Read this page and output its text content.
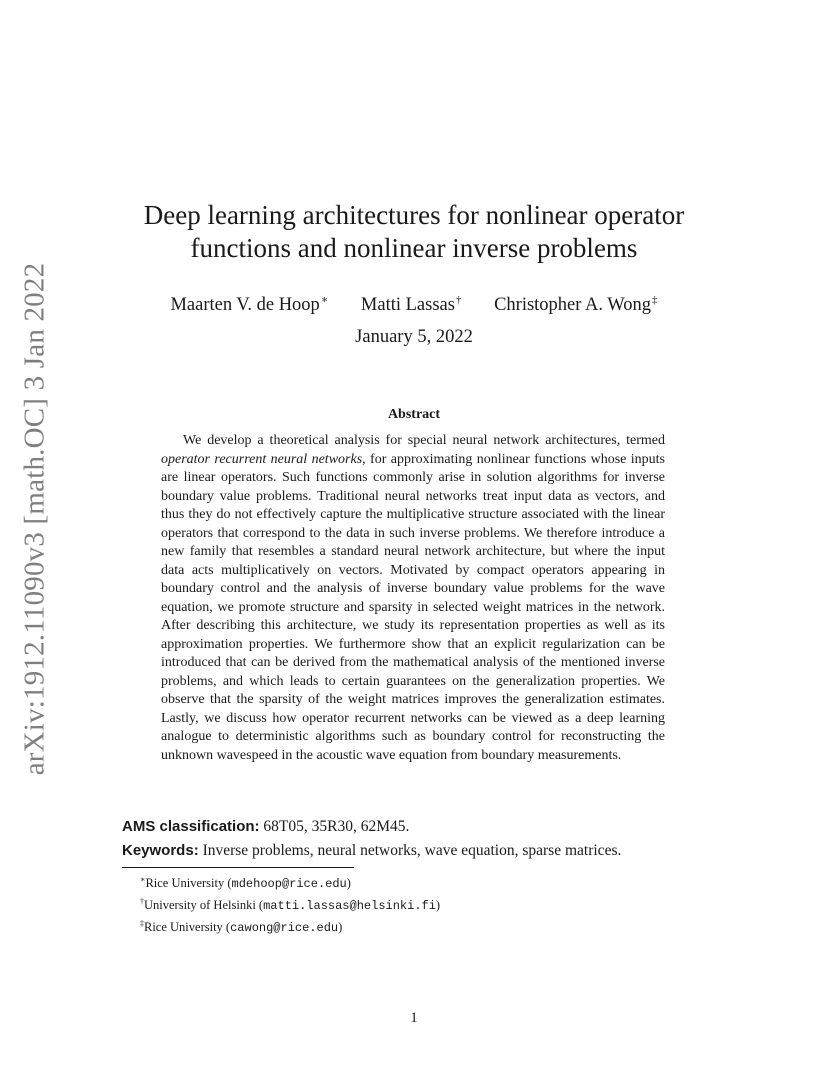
arXiv:1912.11090v3 [math.OC] 3 Jan 2022
Deep learning architectures for nonlinear operator
functions and nonlinear inverse problems
Maarten V. de Hoop∗ Matti Lassas† Christopher A. Wong‡
January 5, 2022
Abstract

We develop a theoretical analysis for special neural network architectures, termed operator recurrent neural networks, for approximating nonlinear functions whose inputs are linear operators. Such functions commonly arise in solution algorithms for inverse boundary value problems. Traditional neural networks treat input data as vectors, and thus they do not effectively capture the multiplicative structure associated with the linear operators that correspond to the data in such inverse problems. We therefore introduce a new family that resembles a standard neural network architecture, but where the input data acts multiplicatively on vectors. Motivated by compact operators appearing in boundary control and the analysis of inverse boundary value problems for the wave equation, we promote structure and sparsity in selected weight matrices in the network. After describing this architecture, we study its representation properties as well as its approximation properties. We furthermore show that an explicit regularization can be introduced that can be derived from the mathematical analysis of the mentioned inverse problems, and which leads to certain guarantees on the generalization properties. We observe that the sparsity of the weight matrices improves the generalization estimates. Lastly, we discuss how operator recurrent networks can be viewed as a deep learning analogue to deterministic algorithms such as boundary control for reconstructing the unknown wavespeed in the acoustic wave equation from boundary measurements.

AMS classification: 68T05, 35R30, 62M45.
Keywords: Inverse problems, neural networks, wave equation, sparse matrices.
∗Rice University (mdehoop@rice.edu)
†University of Helsinki (matti.lassas@helsinki.fi)
‡Rice University (cawong@rice.edu)
1
